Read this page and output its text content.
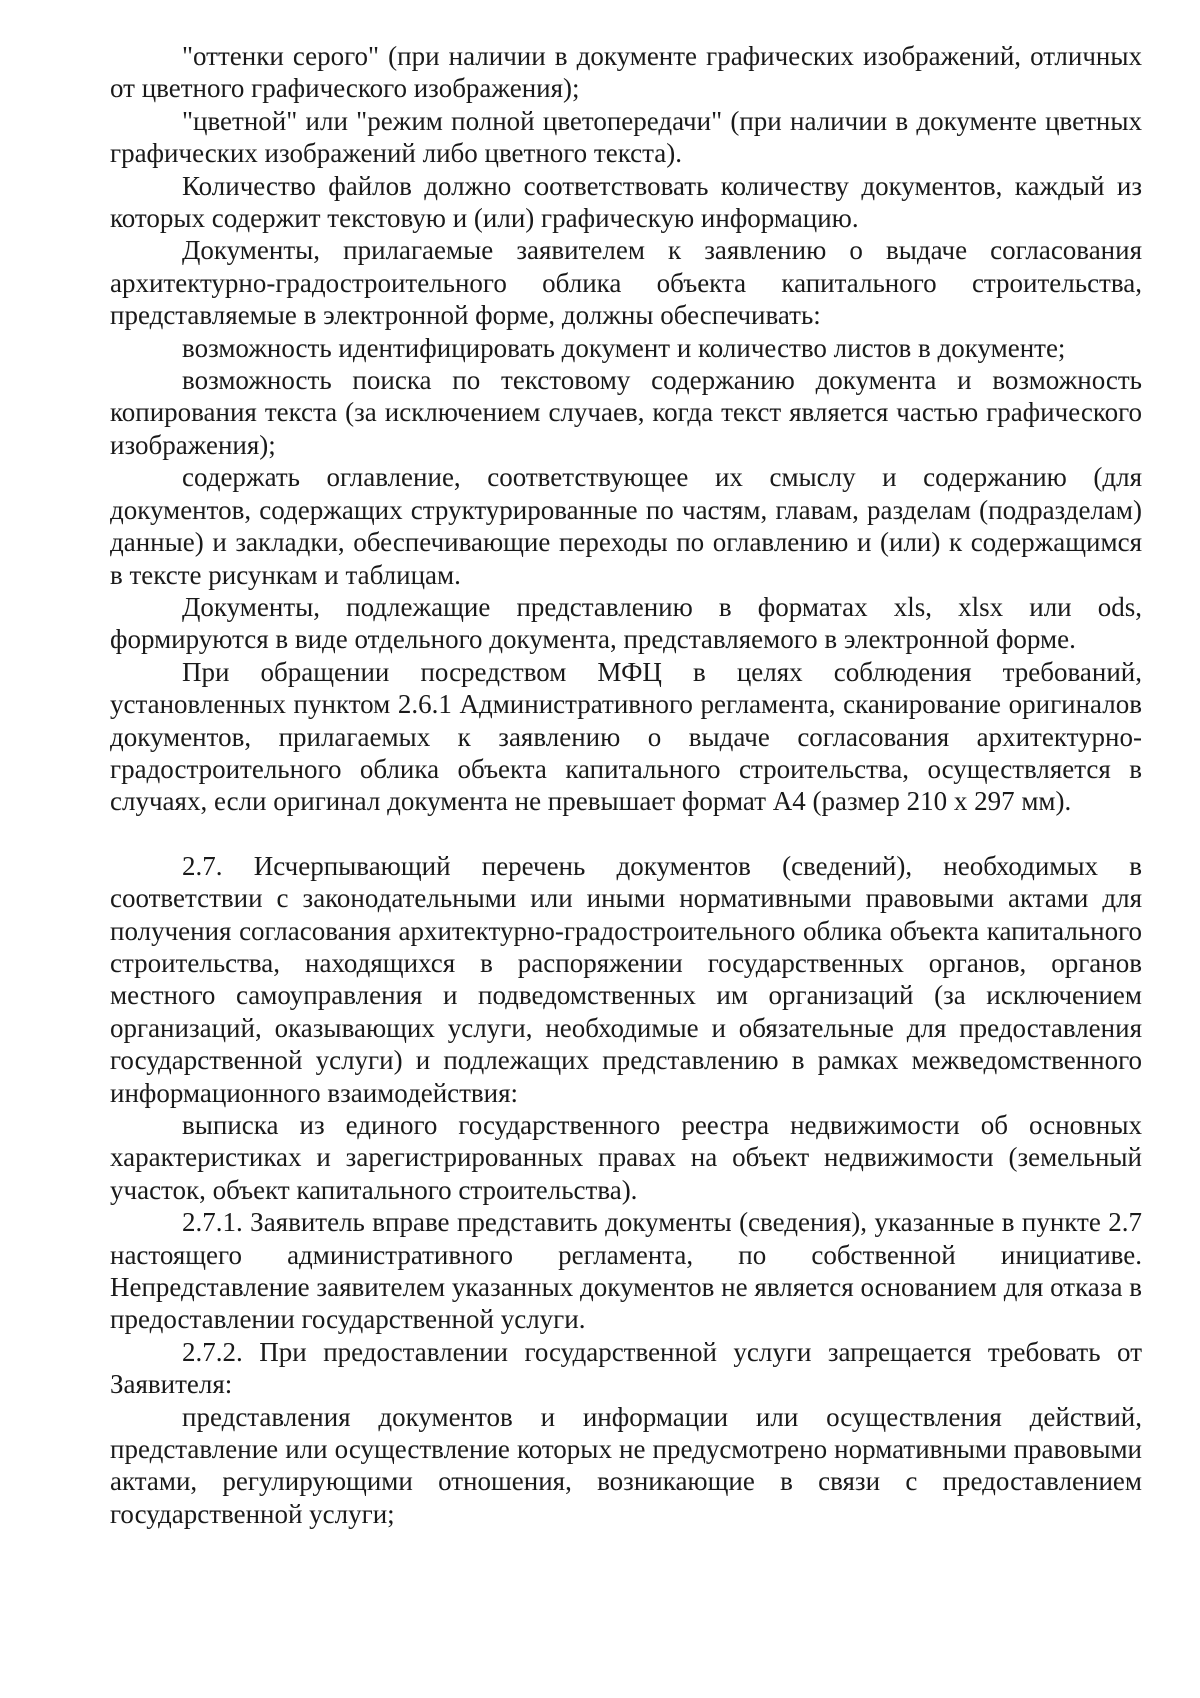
"оттенки серого" (при наличии в документе графических изображений, отличных от цветного графического изображения);

"цветной" или "режим полной цветопередачи" (при наличии в документе цветных графических изображений либо цветного текста).

Количество файлов должно соответствовать количеству документов, каждый из которых содержит текстовую и (или) графическую информацию.

Документы, прилагаемые заявителем к заявлению о выдаче согласования архитектурно-градостроительного облика объекта капитального строительства, представляемые в электронной форме, должны обеспечивать:

возможность идентифицировать документ и количество листов в документе;

возможность поиска по текстовому содержанию документа и возможность копирования текста (за исключением случаев, когда текст является частью графического изображения);

содержать оглавление, соответствующее их смыслу и содержанию (для документов, содержащих структурированные по частям, главам, разделам (подразделам) данные) и закладки, обеспечивающие переходы по оглавлению и (или) к содержащимся в тексте рисункам и таблицам.

Документы, подлежащие представлению в форматах xls, xlsx или ods, формируются в виде отдельного документа, представляемого в электронной форме.

При обращении посредством МФЦ в целях соблюдения требований, установленных пунктом 2.6.1 Административного регламента, сканирование оригиналов документов, прилагаемых к заявлению о выдаче согласования архитектурно-градостроительного облика объекта капитального строительства, осуществляется в случаях, если оригинал документа не превышает формат А4 (размер 210 х 297 мм).

2.7. Исчерпывающий перечень документов (сведений), необходимых в соответствии с законодательными или иными нормативными правовыми актами для получения согласования архитектурно-градостроительного облика объекта капитального строительства, находящихся в распоряжении государственных органов, органов местного самоуправления и подведомственных им организаций (за исключением организаций, оказывающих услуги, необходимые и обязательные для предоставления государственной услуги) и подлежащих представлению в рамках межведомственного информационного взаимодействия:

выписка из единого государственного реестра недвижимости об основных характеристиках и зарегистрированных правах на объект недвижимости (земельный участок, объект капитального строительства).

2.7.1. Заявитель вправе представить документы (сведения), указанные в пункте 2.7 настоящего административного регламента, по собственной инициативе. Непредставление заявителем указанных документов не является основанием для отказа в предоставлении государственной услуги.

2.7.2. При предоставлении государственной услуги запрещается требовать от Заявителя:

представления документов и информации или осуществления действий, представление или осуществление которых не предусмотрено нормативными правовыми актами, регулирующими отношения, возникающие в связи с предоставлением государственной услуги;
